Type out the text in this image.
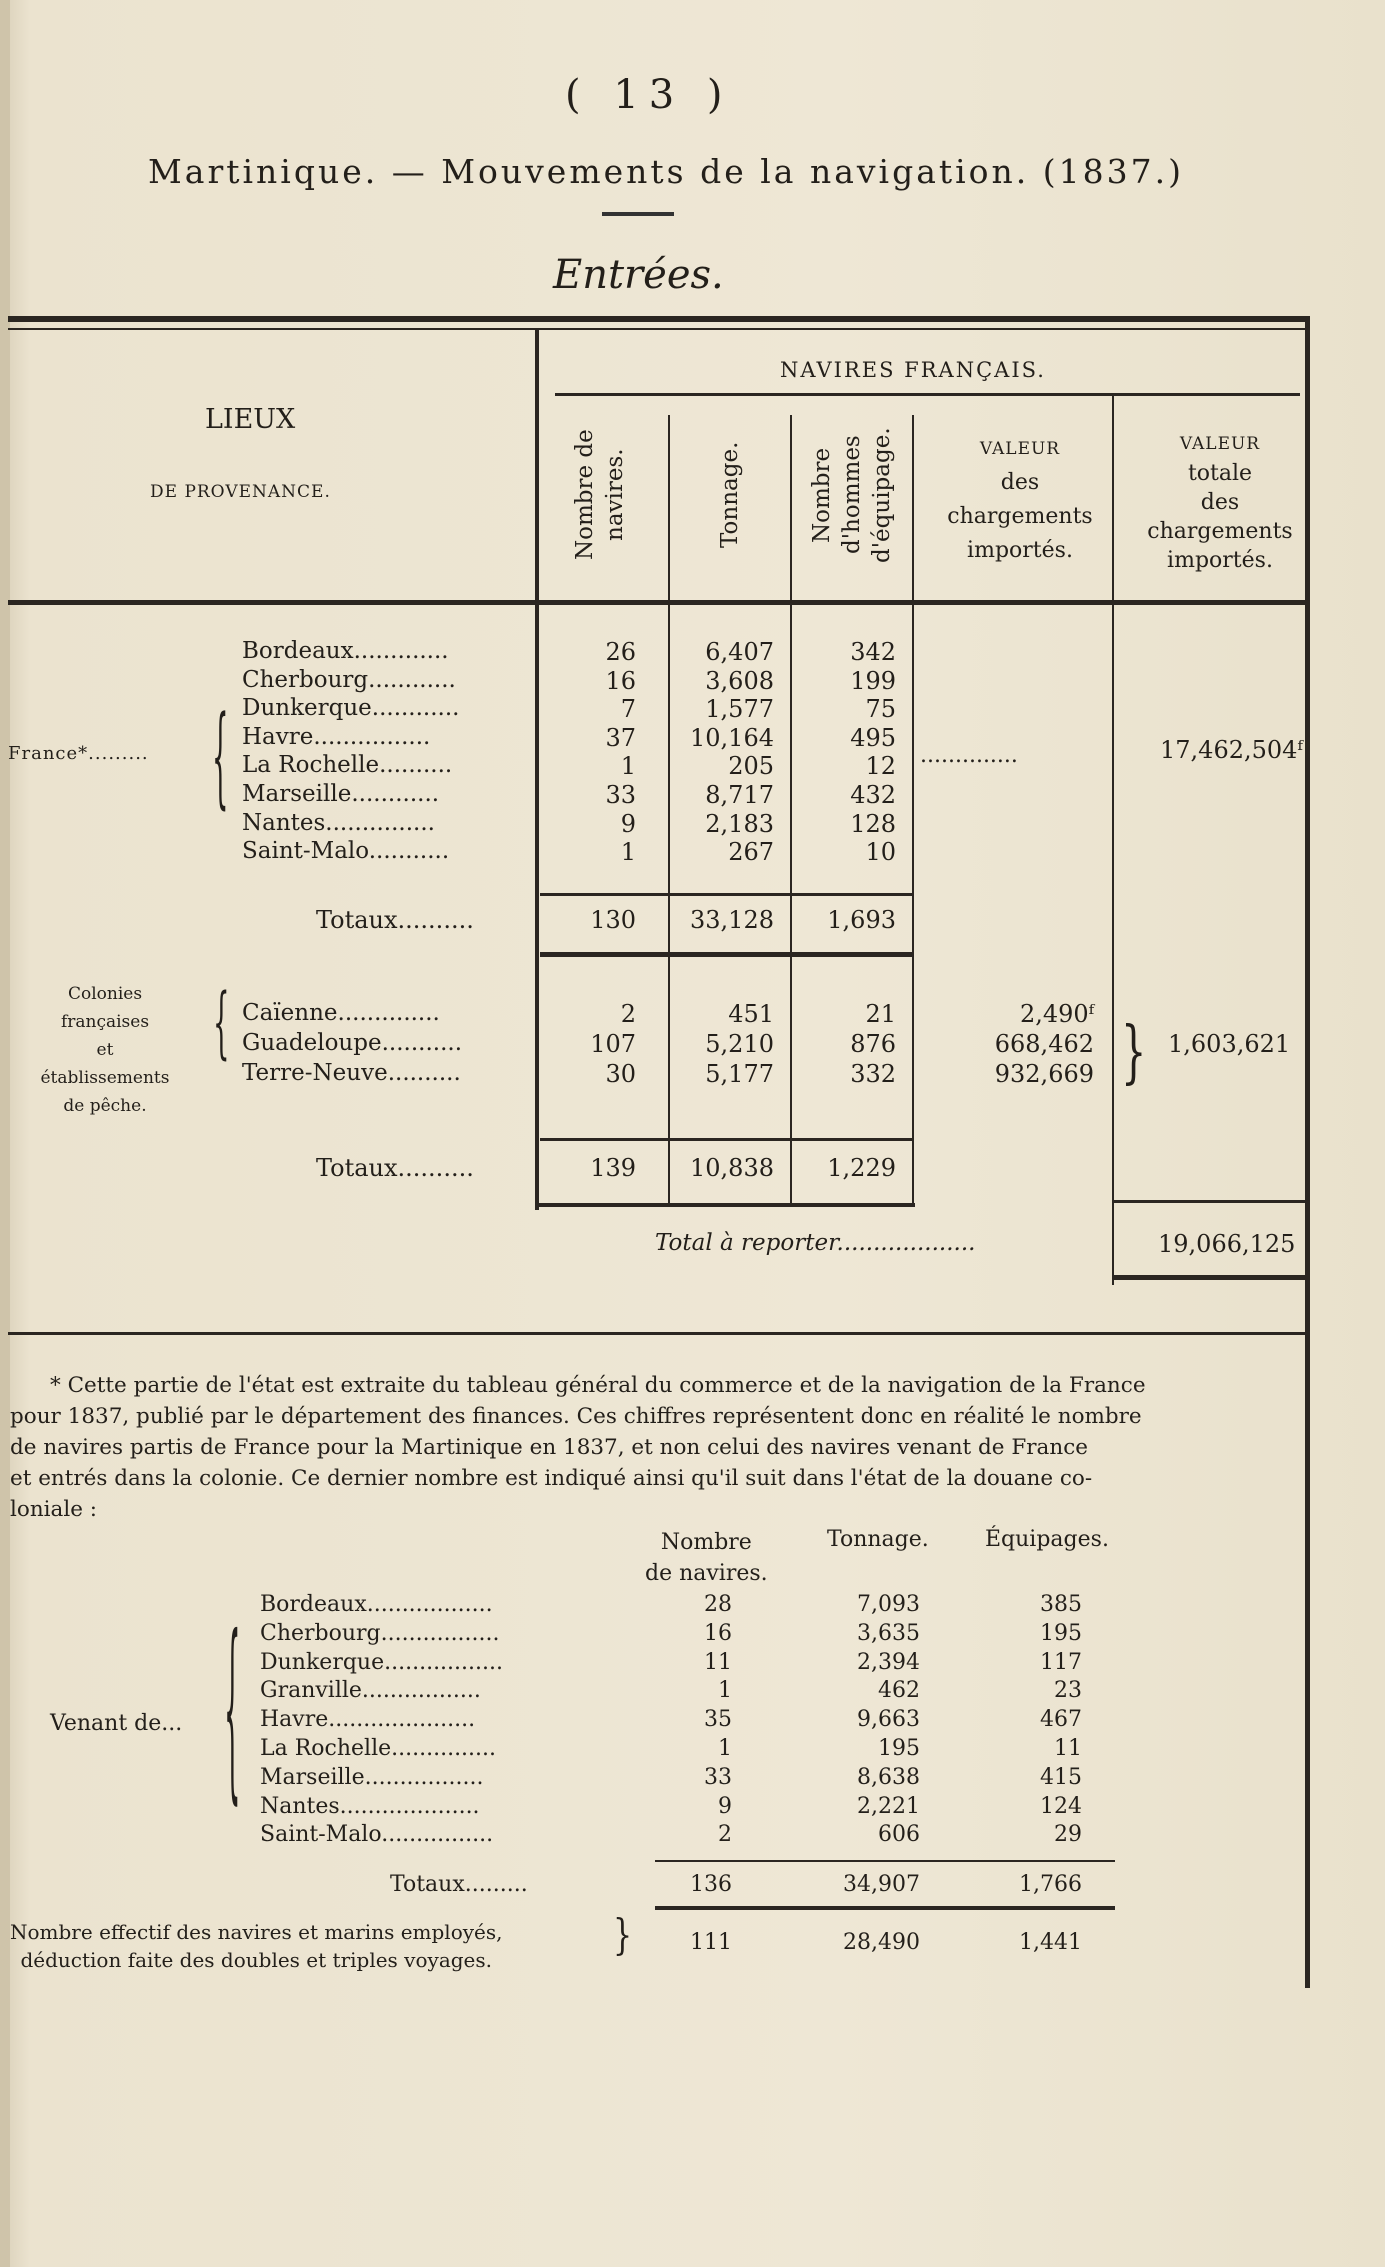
( 13 )
Martinique. — Mouvements de la navigation. (1837.)
Entrées.
NAVIRES FRANÇAIS.
LIEUX
DE PROVENANCE.	Nombre de navires.	Tonnage.	Nombre d'hommes d'équipage.	VALEUR
des
chargements
importés.
VALEUR
totale
des
chargements
importés.
France*......... {
Bordeaux.............	26	6,407	342
Cherbourg............	16	3,608	199
Dunkerque............	7	1,577	75
Havre................	37	10,164	495
La Rochelle..........	1	205	12
Marseille............	33	8,717	432
Nantes...............	9	2,183	128
Saint-Malo...........	1	267	10
..............	17,462,504ᶠ
Totaux..........	130	33,128	1,693
Colonies
françaises
et
établissements
de pêche.
{ Caïenne..............	2	451	21	2,490ᶠ
Guadeloupe...........	107	5,210	876	668,462
Terre-Neuve..........	30	5,177	332	932,669 } 1,603,621
Totaux..........	139	10,838	1,229
Total à reporter...................	19,066,125
* Cette partie de l'état est extraite du tableau général du commerce et de la navigation de la France
pour 1837, publié par le département des finances. Ces chiffres représentent donc en réalité le nombre
de navires partis de France pour la Martinique en 1837, et non celui des navires venant de France
et entrés dans la colonie. Ce dernier nombre est indiqué ainsi qu'il suit dans l'état de la douane co-
loniale :
Nombre
de navires.
Tonnage.	Équipages.
Venant de... { Bordeaux..................	28	7,093	385
Cherbourg.................	16	3,635	195
Dunkerque.................	11	2,394	117
Granville.................	1	462	23
Havre.....................	35	9,663	467
La Rochelle...............	1	195	11
Marseille.................	33	8,638	415
Nantes....................	9	2,221	124
Saint-Malo................	2	606	29
Totaux.........	136	34,907	1,766
Nombre effectif des navires et marins employés,
déduction faite des doubles et triples voyages.	}	111	28,490	1,441
